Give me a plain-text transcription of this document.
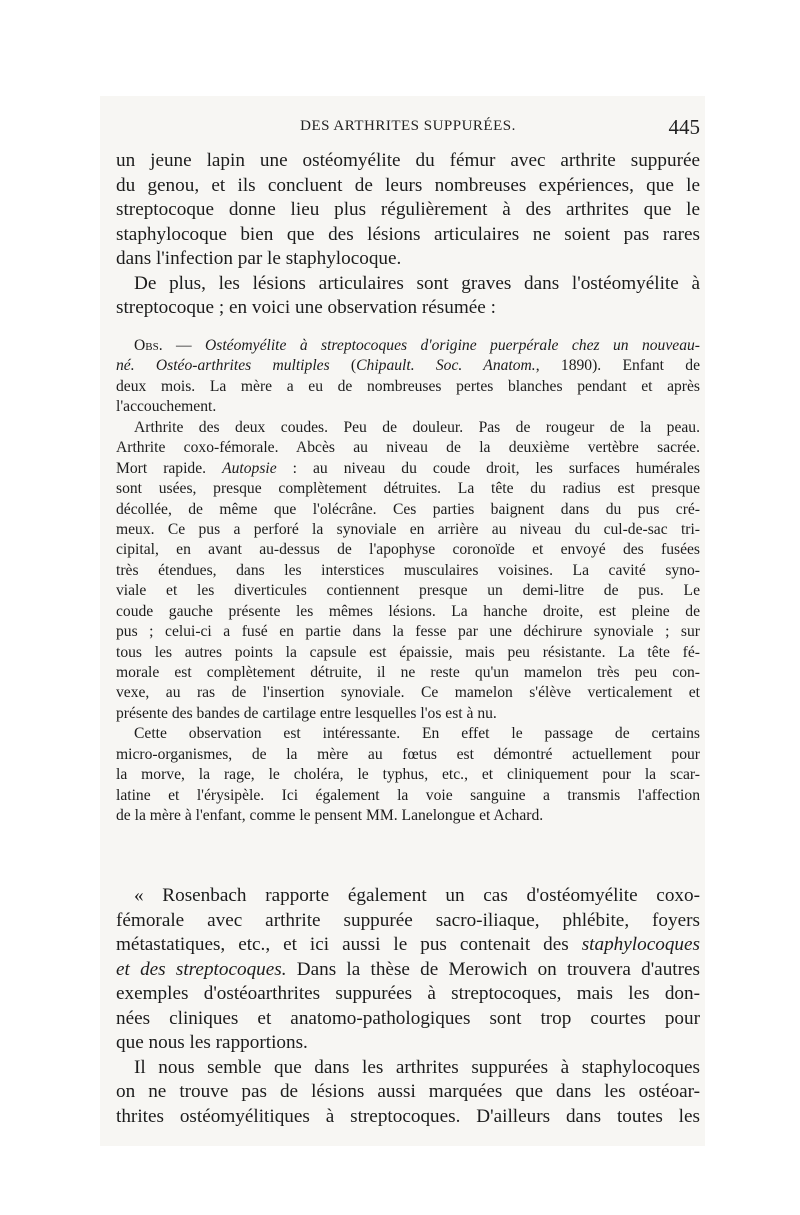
DES ARTHRITES SUPPURÉES.	445
un jeune lapin une ostéomyélite du fémur avec arthrite suppurée
du genou, et ils concluent de leurs nombreuses expériences, que le
streptocoque donne lieu plus régulièrement à des arthrites que le
staphylocoque bien que des lésions articulaires ne soient pas rares
dans l'infection par le staphylocoque.
De plus, les lésions articulaires sont graves dans l'ostéomyélite à
streptocoque ; en voici une observation résumée :
Obs. — Ostéomyélite à streptocoques d'origine puerpérale chez un nouveau-
né. Ostéo-arthrites multiples (Chipault. Soc. Anatom., 1890). Enfant de
deux mois. La mère a eu de nombreuses pertes blanches pendant et après
l'accouchement.
Arthrite des deux coudes. Peu de douleur. Pas de rougeur de la peau.
Arthrite coxo-fémorale. Abcès au niveau de la deuxième vertèbre sacrée.
Mort rapide. Autopsie : au niveau du coude droit, les surfaces humérales
sont usées, presque complètement détruites. La tête du radius est presque
décollée, de même que l'olécrâne. Ces parties baignent dans du pus cré-
meux. Ce pus a perforé la synoviale en arrière au niveau du cul-de-sac tri-
cipital, en avant au-dessus de l'apophyse coronoïde et envoyé des fusées
très étendues, dans les interstices musculaires voisines. La cavité syno-
viale et les diverticules contiennent presque un demi-litre de pus. Le
coude gauche présente les mêmes lésions. La hanche droite, est pleine de
pus ; celui-ci a fusé en partie dans la fesse par une déchirure synoviale ; sur
tous les autres points la capsule est épaissie, mais peu résistante. La tête fé-
morale est complètement détruite, il ne reste qu'un mamelon très peu con-
vexe, au ras de l'insertion synoviale. Ce mamelon s'élève verticalement et
présente des bandes de cartilage entre lesquelles l'os est à nu.
Cette observation est intéressante. En effet le passage de certains
micro-organismes, de la mère au fœtus est démontré actuellement pour
la morve, la rage, le choléra, le typhus, etc., et cliniquement pour la scar-
latine et l'érysipèle. Ici également la voie sanguine a transmis l'affection
de la mère à l'enfant, comme le pensent MM. Lanelongue et Achard.
« Rosenbach rapporte également un cas d'ostéomyélite coxo-
fémorale avec arthrite suppurée sacro-iliaque, phlébite, foyers
métastatiques, etc., et ici aussi le pus contenait des staphylocoques
et des streptocoques. Dans la thèse de Merowich on trouvera d'autres
exemples d'ostéoarthrites suppurées à streptocoques, mais les don-
nées cliniques et anatomo-pathologiques sont trop courtes pour
que nous les rapportions.
Il nous semble que dans les arthrites suppurées à staphylocoques
on ne trouve pas de lésions aussi marquées que dans les ostéoar-
thrites ostéomyélitiques à streptocoques. D'ailleurs dans toutes les
